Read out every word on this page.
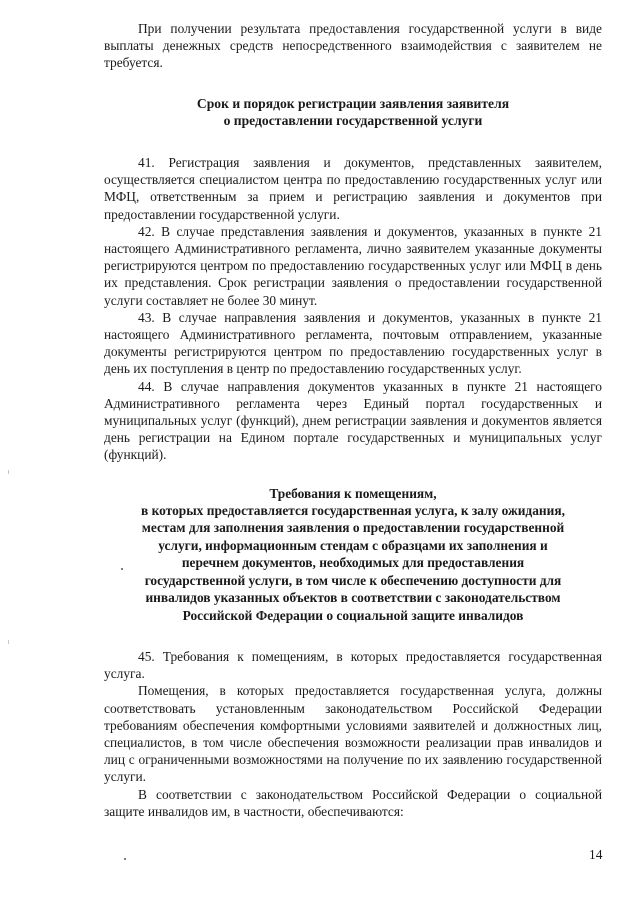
При получении результата предоставления государственной услуги в виде выплаты денежных средств непосредственного взаимодействия с заявителем не требуется.

Срок и порядок регистрации заявления заявителя
о предоставлении государственной услуги

41. Регистрация заявления и документов, представленных заявителем, осуществляется специалистом центра по предоставлению государственных услуг или МФЦ, ответственным за прием и регистрацию заявления и документов при предоставлении государственной услуги.

42. В случае представления заявления и документов, указанных в пункте 21 настоящего Административного регламента, лично заявителем указанные документы регистрируются центром по предоставлению государственных услуг или МФЦ в день их представления. Срок регистрации заявления о предоставлении государственной услуги составляет не более 30 минут.

43. В случае направления заявления и документов, указанных в пункте 21 настоящего Административного регламента, почтовым отправлением, указанные документы регистрируются центром по предоставлению государственных услуг в день их поступления в центр по предоставлению государственных услуг.

44. В случае направления документов указанных в пункте 21 настоящего Административного регламента через Единый портал государственных и муниципальных услуг (функций), днем регистрации заявления и документов является день регистрации на Едином портале государственных и муниципальных услуг (функций).

Требования к помещениям,
в которых предоставляется государственная услуга, к залу ожидания,
местам для заполнения заявления о предоставлении государственной
услуги, информационным стендам с образцами их заполнения и
перечнем документов, необходимых для предоставления
государственной услуги, в том числе к обеспечению доступности для
инвалидов указанных объектов в соответствии с законодательством
Российской Федерации о социальной защите инвалидов

45. Требования к помещениям, в которых предоставляется государственная услуга.

Помещения, в которых предоставляется государственная услуга, должны соответствовать установленным законодательством Российской Федерации требованиям обеспечения комфортными условиями заявителей и должностных лиц, специалистов, в том числе обеспечения возможности реализации прав инвалидов и лиц с ограниченными возможностями на получение по их заявлению государственной услуги.

В соответствии с законодательством Российской Федерации о социальной защите инвалидов им, в частности, обеспечиваются:

14
